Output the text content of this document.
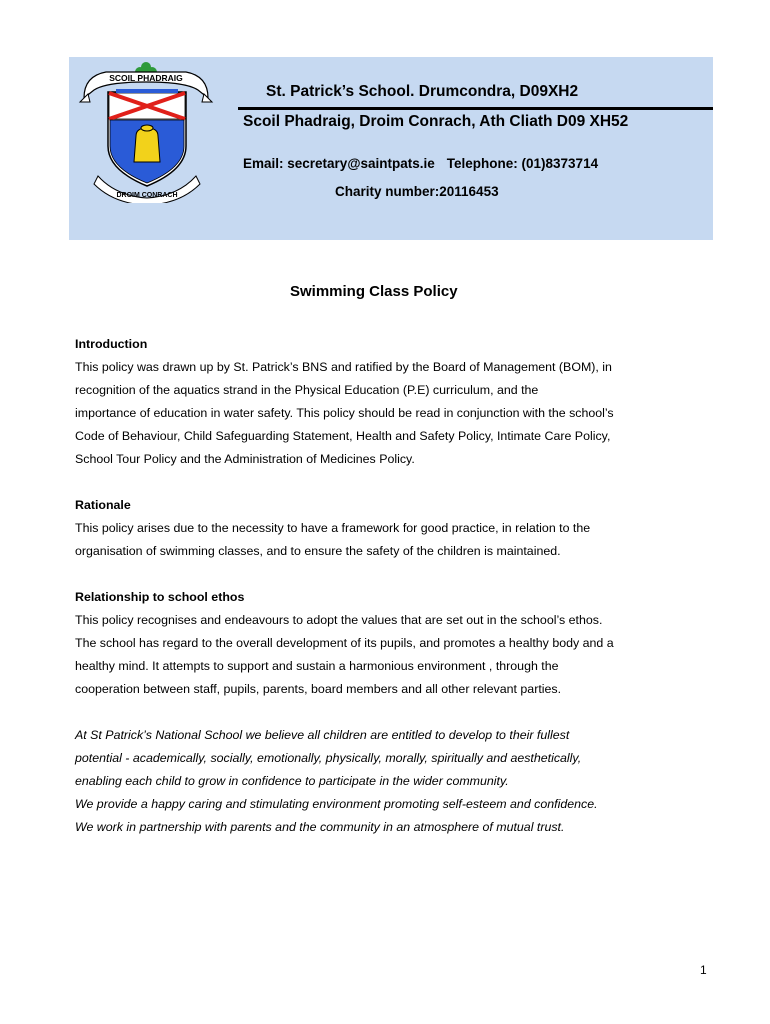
SCOIL PHADRAIG
DROIM CONRACH
St. Patrick’s School. Drumcondra, D09XH2
Scoil Phadraig, Droim Conrach, Ath Cliath D09 XH52
Email: secretary@saintpats.ie Telephone: (01)8373714
Charity number:20116453
Swimming Class Policy
Introduction
This policy was drawn up by St. Patrick’s BNS and ratified by the Board of Management (BOM), in
recognition of the aquatics strand in the Physical Education (P.E) curriculum, and the
importance of education in water safety. This policy should be read in conjunction with the school’s
Code of Behaviour, Child Safeguarding Statement, Health and Safety Policy, Intimate Care Policy,
School Tour Policy and the Administration of Medicines Policy.
Rationale
This policy arises due to the necessity to have a framework for good practice, in relation to the
organisation of swimming classes, and to ensure the safety of the children is maintained.
Relationship to school ethos
This policy recognises and endeavours to adopt the values that are set out in the school’s ethos.
The school has regard to the overall development of its pupils, and promotes a healthy body and a
healthy mind. It attempts to support and sustain a harmonious environment , through the
cooperation between staff, pupils, parents, board members and all other relevant parties.
At St Patrick’s National School we believe all children are entitled to develop to their fullest
potential - academically, socially, emotionally, physically, morally, spiritually and aesthetically,
enabling each child to grow in confidence to participate in the wider community.
We provide a happy caring and stimulating environment promoting self-esteem and confidence.
We work in partnership with parents and the community in an atmosphere of mutual trust.
1
